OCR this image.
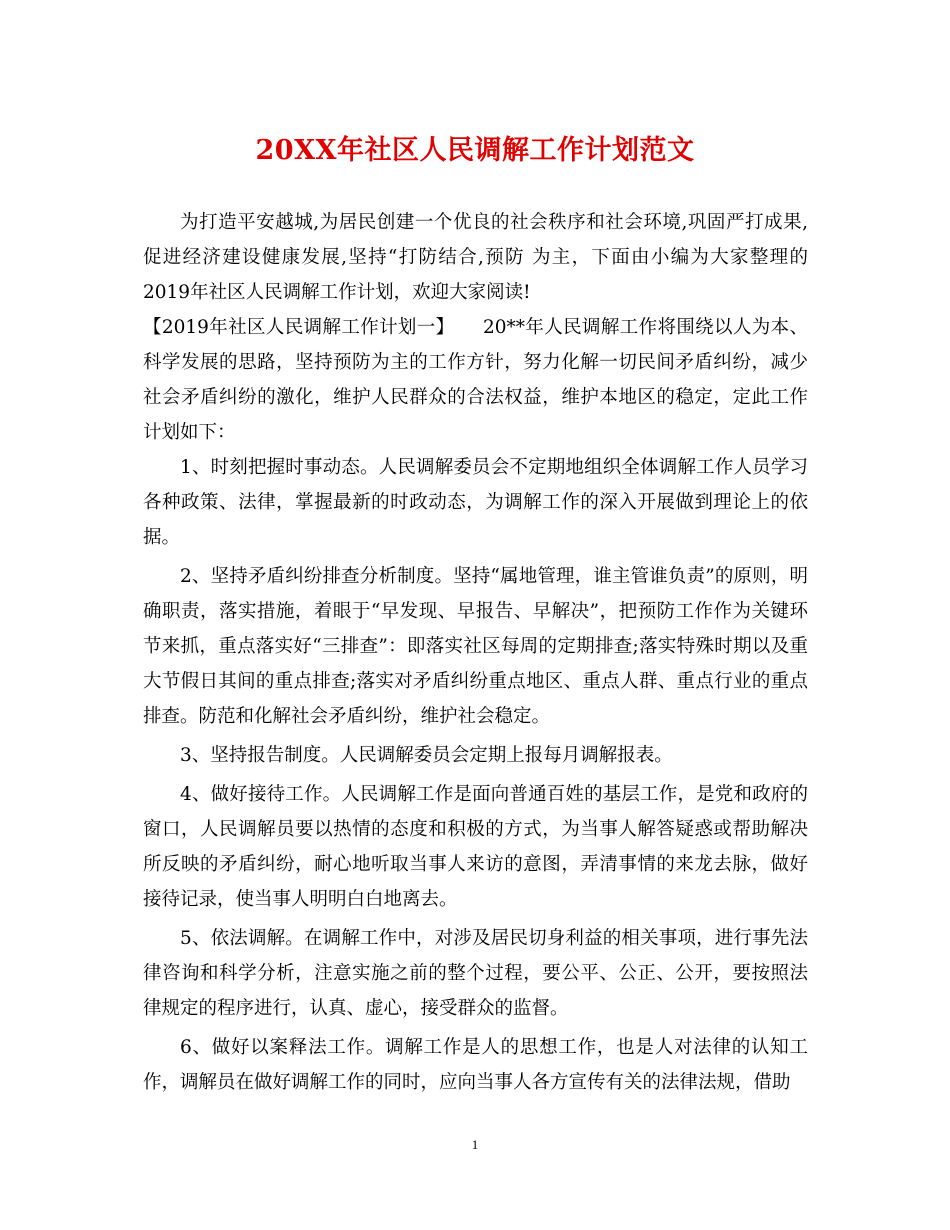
20XX年社区人民调解工作计划范文

为打造平安越城,为居民创建一个优良的社会秩序和社会环境,巩固严打成果,促进经济建设健康发展,坚持“打防结合,预防 为主，下面由小编为大家整理的2019年社区人民调解工作计划，欢迎大家阅读!

【2019年社区人民调解工作计划一】　　20**年人民调解工作将围绕以人为本、科学发展的思路，坚持预防为主的工作方针，努力化解一切民间矛盾纠纷，减少社会矛盾纠纷的激化，维护人民群众的合法权益，维护本地区的稳定，定此工作计划如下：

1、时刻把握时事动态。人民调解委员会不定期地组织全体调解工作人员学习各种政策、法律，掌握最新的时政动态，为调解工作的深入开展做到理论上的依据。

2、坚持矛盾纠纷排查分析制度。坚持“属地管理，谁主管谁负责”的原则，明确职责，落实措施，着眼于“早发现、早报告、早解决”，把预防工作作为关键环节来抓，重点落实好“三排查”：即落实社区每周的定期排查;落实特殊时期以及重大节假日其间的重点排查;落实对矛盾纠纷重点地区、重点人群、重点行业的重点排查。防范和化解社会矛盾纠纷，维护社会稳定。

3、坚持报告制度。人民调解委员会定期上报每月调解报表。

4、做好接待工作。人民调解工作是面向普通百姓的基层工作，是党和政府的窗口，人民调解员要以热情的态度和积极的方式，为当事人解答疑惑或帮助解决所反映的矛盾纠纷，耐心地听取当事人来访的意图，弄清事情的来龙去脉，做好接待记录，使当事人明明白白地离去。

5、依法调解。在调解工作中，对涉及居民切身利益的相关事项，进行事先法律咨询和科学分析，注意实施之前的整个过程，要公平、公正、公开，要按照法律规定的程序进行，认真、虚心，接受群众的监督。

6、做好以案释法工作。调解工作是人的思想工作，也是人对法律的认知工作，调解员在做好调解工作的同时，应向当事人各方宣传有关的法律法规，借助

1
